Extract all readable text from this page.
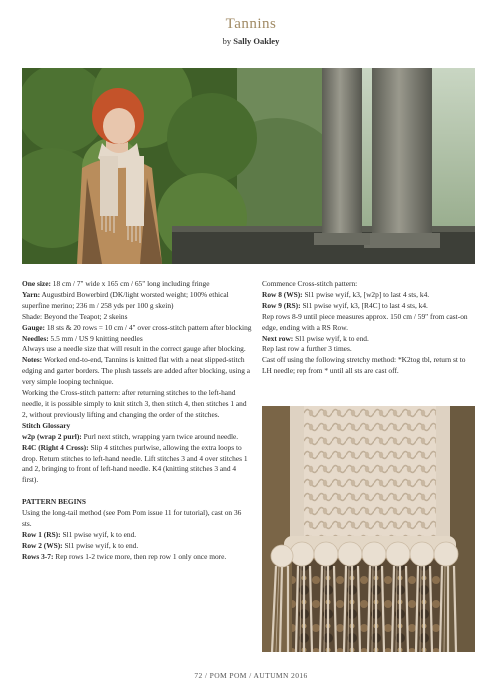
Tannins
by Sally Oakley

One size: 18 cm / 7" wide x 165 cm / 65" long including fringe

Yarn: Augustbird Bowerbird (DK/light worsted weight; 100% ethical superfine merino; 236 m / 258 yds per 100 g skein)

Shade: Beyond the Teapot; 2 skeins

Gauge: 18 sts & 20 rows = 10 cm / 4" over cross-stitch pattern after blocking

Needles: 5.5 mm / US 9 knitting needles

Always use a needle size that will result in the correct gauge after blocking.

Notes: Worked end-to-end, Tannins is knitted flat with a neat slipped-stitch edging and garter borders. The plush tassels are added after blocking, using a very simple looping technique.

Working the Cross-stitch pattern: after returning stitches to the left-hand needle, it is possible simply to knit stitch 3, then stitch 4, then stitches 1 and 2, without previously lifting and changing the order of the stitches.

Stitch Glossary

w2p (wrap 2 purl): Purl next stitch, wrapping yarn twice around needle.

R4C (Right 4 Cross): Slip 4 stitches purlwise, allowing the extra loops to drop. Return stitches to left-hand needle. Lift stitches 3 and 4 over stitches 1 and 2, bringing to front of left-hand needle. K4 (knitting stitches 3 and 4 first).

PATTERN BEGINS

Using the long-tail method (see Pom Pom issue 11 for tutorial), cast on 36 sts.

Row 1 (RS): Sl1 pwise wyif, k to end.

Row 2 (WS): Sl1 pwise wyif, k to end.

Rows 3-7: Rep rows 1-2 twice more, then rep row 1 only once more.

Commence Cross-stitch pattern:

Row 8 (WS): Sl1 pwise wyif, k3, [w2p] to last 4 sts, k4.

Row 9 (RS): Sl1 pwise wyif, k3, [R4C] to last 4 sts, k4.

Rep rows 8-9 until piece measures approx. 150 cm / 59" from cast-on edge, ending with a RS Row.

Next row: Sl1 pwise wyif, k to end.

Rep last row a further 3 times.

Cast off using the following stretchy method: *K2tog tbl, return st to LH needle; rep from * until all sts are cast off.

72 / POM POM / AUTUMN 2016
